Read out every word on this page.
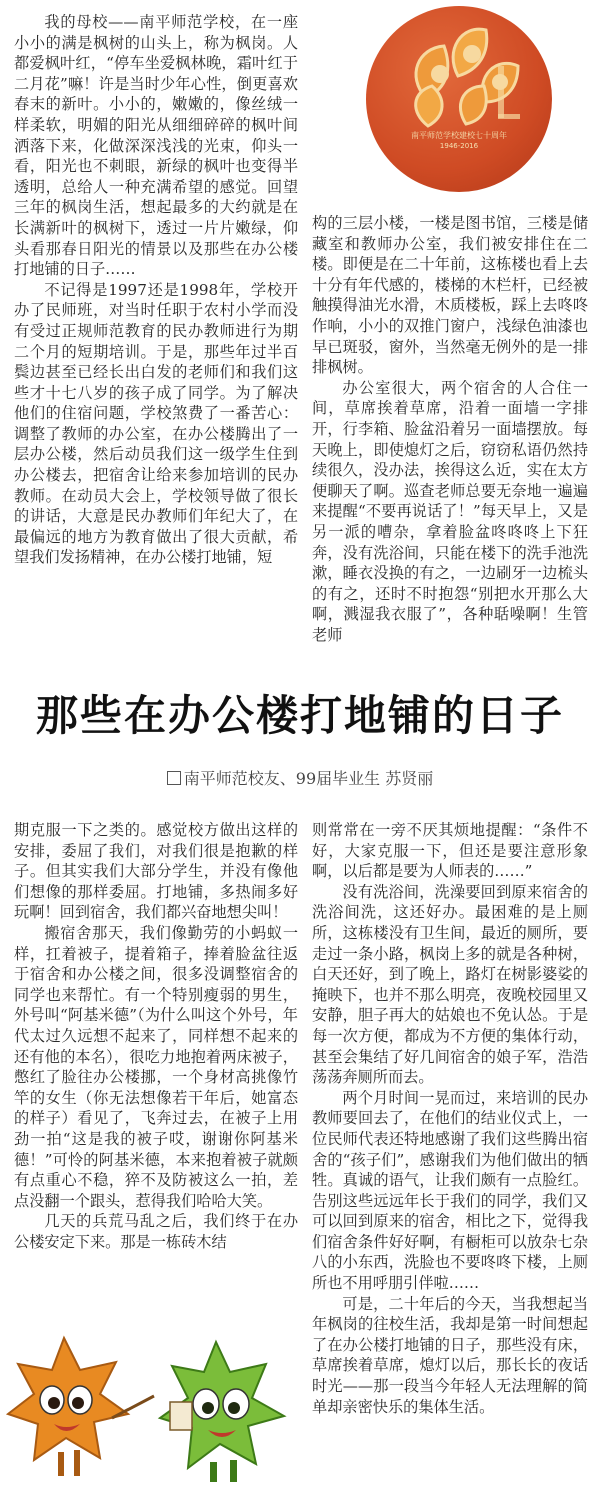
我的母校——南平师范学校，在一座小小的满是枫树的山头上，称为枫岗。人都爱枫叶红，“停车坐爱枫林晚，霜叶红于二月花”嘛！许是当时少年心性，倒更喜欢春末的新叶。小小的，嫩嫩的，像丝绒一样柔软，明媚的阳光从细细碎碎的枫叶间洒落下来，化做深深浅浅的光束，仰头一看，阳光也不刺眼，新绿的枫叶也变得半透明，总给人一种充满希望的感觉。回望三年的枫岗生活，想起最多的大约就是在长满新叶的枫树下，透过一片片嫩绿，仰头看那春日阳光的情景以及那些在办公楼打地铺的日子……

不记得是1997还是1998年，学校开办了民师班，对当时任职于农村小学而没有受过正规师范教育的民办教师进行为期二个月的短期培训。于是，那些年过半百鬓边甚至已经长出白发的老师们和我们这些才十七八岁的孩子成了同学。为了解决他们的住宿问题，学校煞费了一番苦心：调整了教师的办公室，在办公楼腾出了一层办公楼，然后动员我们这一级学生住到办公楼去，把宿舍让给来参加培训的民办教师。在动员大会上，学校领导做了很长的讲话，大意是民办教师们年纪大了，在最偏远的地方为教育做出了很大贡献，希望我们发扬精神，在办公楼打地铺，短

南平师范学校建校七十周年
1946-2016

构的三层小楼，一楼是图书馆，三楼是储藏室和教师办公室，我们被安排住在二楼。即便是在二十年前，这栋楼也看上去十分有年代感的，楼梯的木栏杆，已经被触摸得油光水滑，木质楼板，踩上去咚咚作响，小小的双推门窗户，浅绿色油漆也早已斑驳，窗外，当然毫无例外的是一排排枫树。

办公室很大，两个宿舍的人合住一间，草席挨着草席，沿着一面墙一字排开，行李箱、脸盆沿着另一面墙摆放。每天晚上，即使熄灯之后，窃窃私语仍然持续很久，没办法，挨得这么近，实在太方便聊天了啊。巡查老师总要无奈地一遍遍来提醒“不要再说话了！”每天早上，又是另一派的嘈杂，拿着脸盆咚咚咚上下狂奔，没有洗浴间，只能在楼下的洗手池洗漱，睡衣没换的有之，一边刷牙一边梳头的有之，还时不时抱怨“别把水开那么大啊，溅湿我衣服了”，各种聒噪啊！生管老师

那些在办公楼打地铺的日子
南平师范校友、99届毕业生 苏贤丽

期克服一下之类的。感觉校方做出这样的安排，委屈了我们，对我们很是抱歉的样子。但其实我们大部分学生，并没有像他们想像的那样委屈。打地铺，多热闹多好玩啊！回到宿舍，我们都兴奋地想尖叫！

搬宿舍那天，我们像勤劳的小蚂蚁一样，扛着被子，提着箱子，捧着脸盆往返于宿舍和办公楼之间，很多没调整宿舍的同学也来帮忙。有一个特别瘦弱的男生，外号叫“阿基米德”（为什么叫这个外号，年代太过久远想不起来了，同样想不起来的还有他的本名），很吃力地抱着两床被子，憋红了脸往办公楼挪，一个身材高挑像竹竿的女生（你无法想像若干年后，她富态的样子）看见了，飞奔过去，在被子上用劲一拍“这是我的被子哎，谢谢你阿基米德！”可怜的阿基米德，本来抱着被子就颇有点重心不稳，猝不及防被这么一拍，差点没翻一个跟头，惹得我们哈哈大笑。

几天的兵荒马乱之后，我们终于在办公楼安定下来。那是一栋砖木结

则常常在一旁不厌其烦地提醒：“条件不好，大家克服一下，但还是要注意形象啊，以后都是要为人师表的……”

没有洗浴间，洗澡要回到原来宿舍的洗浴间洗，这还好办。最困难的是上厕所，这栋楼没有卫生间，最近的厕所，要走过一条小路，枫岗上多的就是各种树，白天还好，到了晚上，路灯在树影婆娑的掩映下，也并不那么明亮，夜晚校园里又安静，胆子再大的姑娘也不免认怂。于是每一次方便，都成为不方便的集体行动，甚至会集结了好几间宿舍的娘子军，浩浩荡荡奔厕所而去。

两个月时间一晃而过，来培训的民办教师要回去了，在他们的结业仪式上，一位民师代表还特地感谢了我们这些腾出宿舍的“孩子们”，感谢我们为他们做出的牺牲。真诚的语气，让我们颇有一点脸红。告别这些远远年长于我们的同学，我们又可以回到原来的宿舍，相比之下，觉得我们宿舍条件好好啊，有橱柜可以放杂七杂八的小东西，洗脸也不要咚咚下楼，上厕所也不用呼朋引伴啦……

可是，二十年后的今天，当我想起当年枫岗的往校生活，我却是第一时间想起了在办公楼打地铺的日子，那些没有床，草席挨着草席，熄灯以后，那长长的夜话时光——那一段当今年轻人无法理解的简单却亲密快乐的集体生活。
